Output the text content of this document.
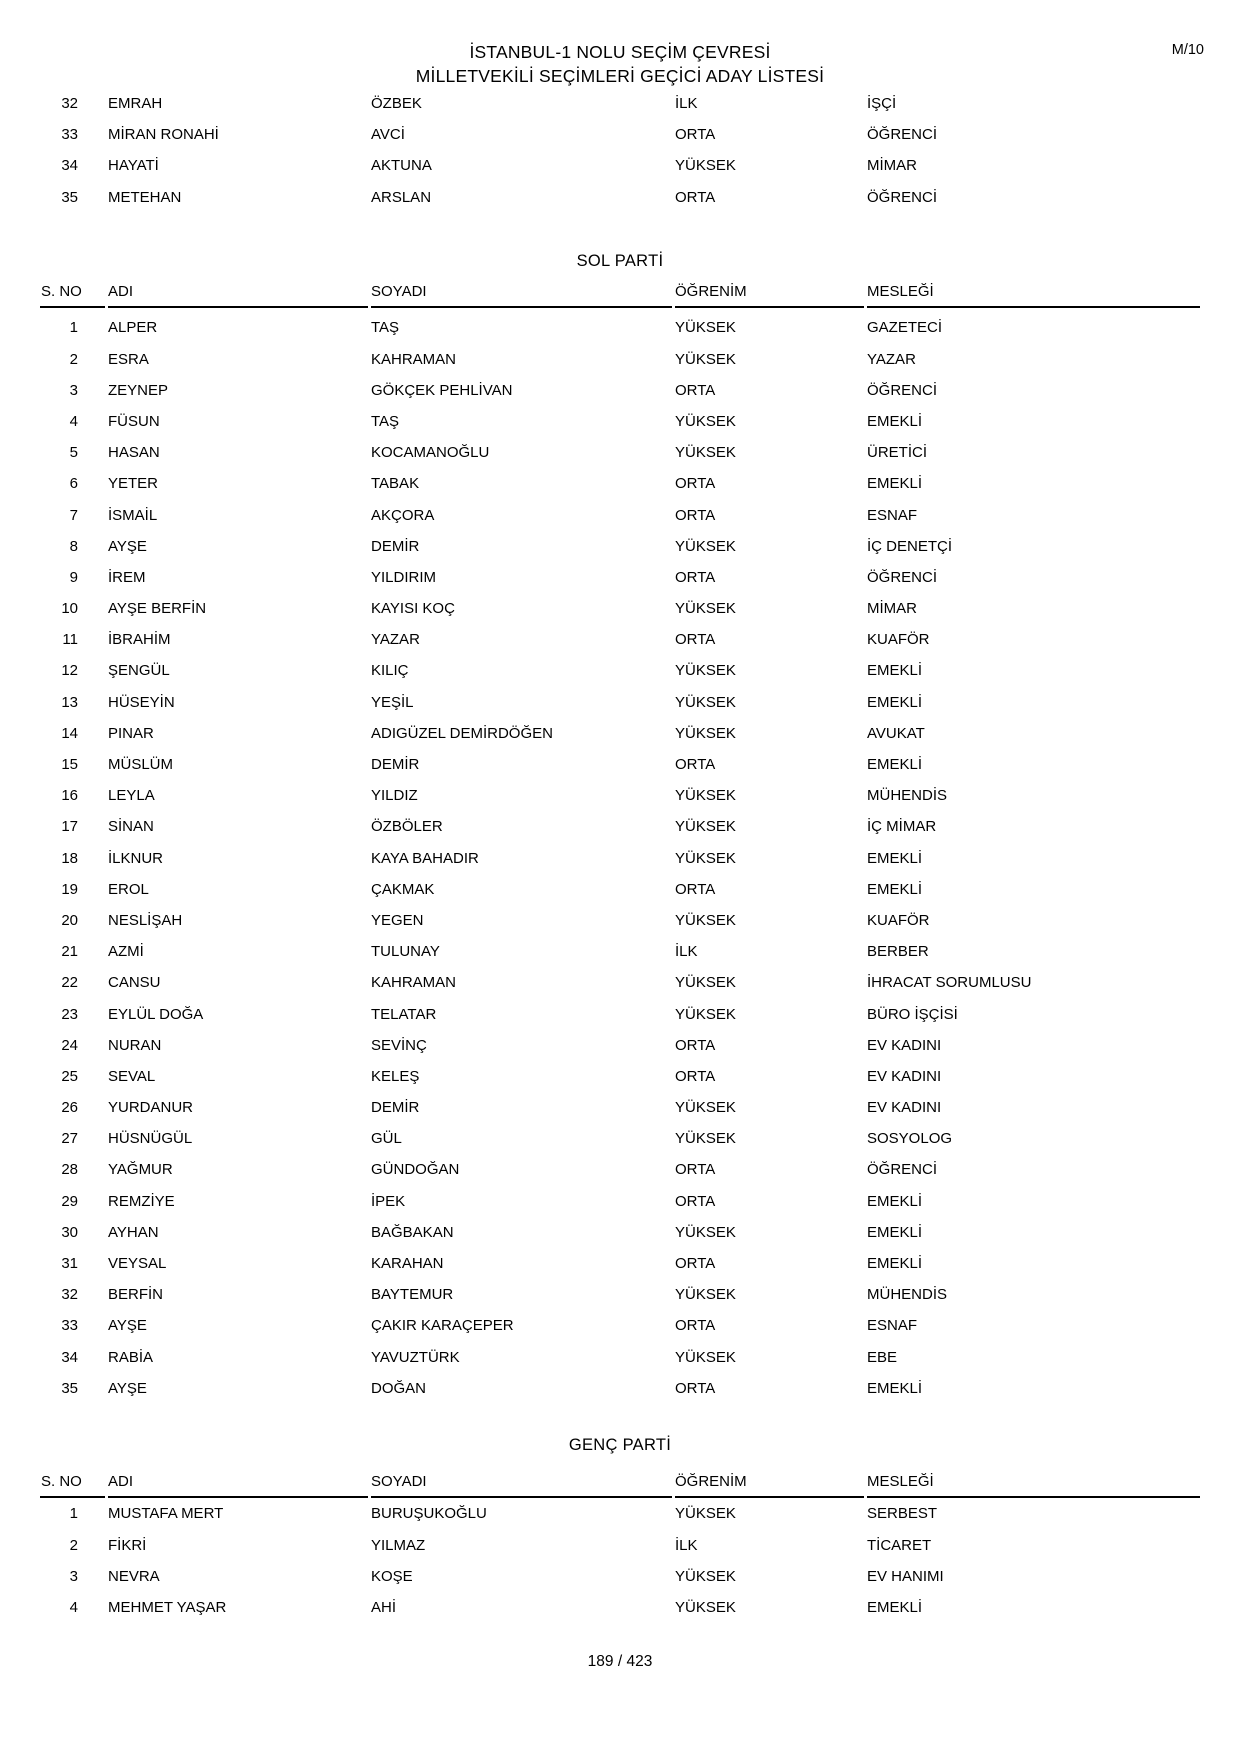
M/10
İSTANBUL-1 NOLU SEÇİM ÇEVRESİ
MİLLETVEKİLİ SEÇİMLERİ GEÇİCİ ADAY LİSTESİ
32	EMRAH	ÖZBEK	İLK	İŞÇİ
33	MİRAN RONAHİ	AVCİ	ORTA	ÖĞRENCİ
34	HAYATİ	AKTUNA	YÜKSEK	MİMAR
35	METEHAN	ARSLAN	ORTA	ÖĞRENCİ
SOL PARTİ
S. NO	ADI	SOYADI	ÖĞRENİM	MESLEĞİ
1	ALPER	TAŞ	YÜKSEK	GAZETECİ
2	ESRA	KAHRAMAN	YÜKSEK	YAZAR
3	ZEYNEP	GÖKÇEK PEHLİVAN	ORTA	ÖĞRENCİ
4	FÜSUN	TAŞ	YÜKSEK	EMEKLİ
5	HASAN	KOCAMANOĞLU	YÜKSEK	ÜRETİCİ
6	YETER	TABAK	ORTA	EMEKLİ
7	İSMAİL	AKÇORA	ORTA	ESNAF
8	AYŞE	DEMİR	YÜKSEK	İÇ DENETÇİ
9	İREM	YILDIRIM	ORTA	ÖĞRENCİ
10	AYŞE BERFİN	KAYISI KOÇ	YÜKSEK	MİMAR
11	İBRAHİM	YAZAR	ORTA	KUAFÖR
12	ŞENGÜL	KILIÇ	YÜKSEK	EMEKLİ
13	HÜSEYİN	YEŞİL	YÜKSEK	EMEKLİ
14	PINAR	ADIGÜZEL DEMİRDÖĞEN	YÜKSEK	AVUKAT
15	MÜSLÜM	DEMİR	ORTA	EMEKLİ
16	LEYLA	YILDIZ	YÜKSEK	MÜHENDİS
17	SİNAN	ÖZBÖLER	YÜKSEK	İÇ MİMAR
18	İLKNUR	KAYA BAHADIR	YÜKSEK	EMEKLİ
19	EROL	ÇAKMAK	ORTA	EMEKLİ
20	NESLİŞAH	YEGEN	YÜKSEK	KUAFÖR
21	AZMİ	TULUNAY	İLK	BERBER
22	CANSU	KAHRAMAN	YÜKSEK	İHRACAT SORUMLUSU
23	EYLÜL DOĞA	TELATAR	YÜKSEK	BÜRO İŞÇİSİ
24	NURAN	SEVİNÇ	ORTA	EV KADINI
25	SEVAL	KELEŞ	ORTA	EV KADINI
26	YURDANUR	DEMİR	YÜKSEK	EV KADINI
27	HÜSNÜGÜL	GÜL	YÜKSEK	SOSYOLOG
28	YAĞMUR	GÜNDOĞAN	ORTA	ÖĞRENCİ
29	REMZİYE	İPEK	ORTA	EMEKLİ
30	AYHAN	BAĞBAKAN	YÜKSEK	EMEKLİ
31	VEYSAL	KARAHAN	ORTA	EMEKLİ
32	BERFİN	BAYTEMUR	YÜKSEK	MÜHENDİS
33	AYŞE	ÇAKIR KARAÇEPER	ORTA	ESNAF
34	RABİA	YAVUZTÜRK	YÜKSEK	EBE
35	AYŞE	DOĞAN	ORTA	EMEKLİ
GENÇ PARTİ
S. NO	ADI	SOYADI	ÖĞRENİM	MESLEĞİ
1	MUSTAFA MERT	BURUŞUKOĞLU	YÜKSEK	SERBEST
2	FİKRİ	YILMAZ	İLK	TİCARET
3	NEVRA	KOŞE	YÜKSEK	EV HANIMI
4	MEHMET YAŞAR	AHİ	YÜKSEK	EMEKLİ
189 / 423
